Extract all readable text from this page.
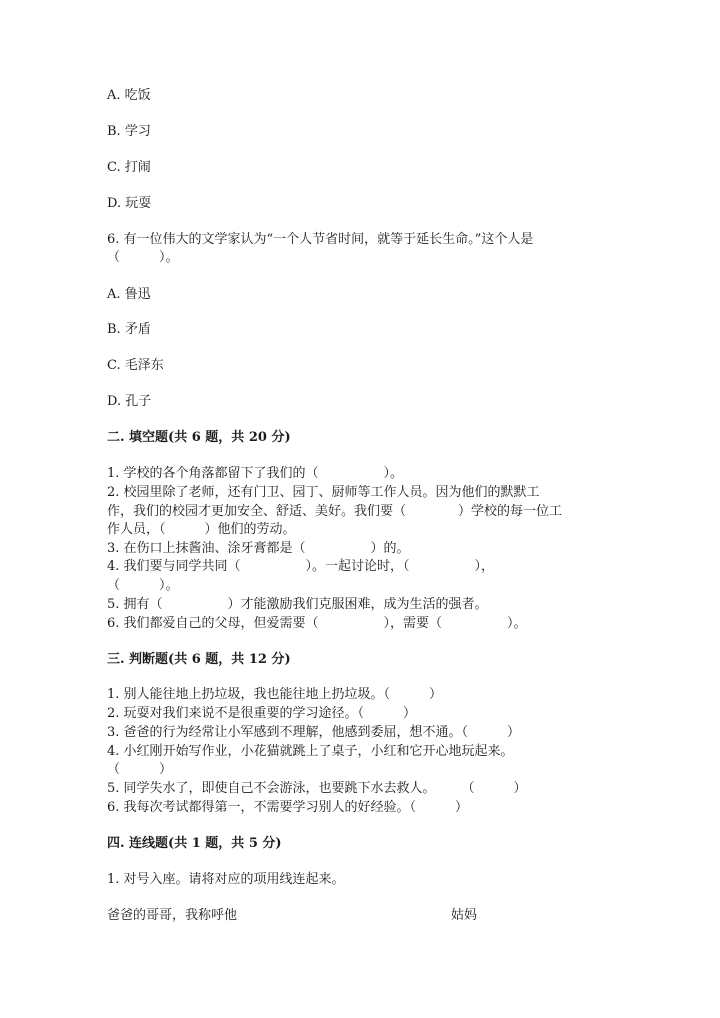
A. 吃饭
B. 学习
C. 打闹
D. 玩耍
6. 有一位伟大的文学家认为“一个人节省时间，就等于延长生命。”这个人是
（　　　）。
A. 鲁迅
B. 矛盾
C. 毛泽东
D. 孔子
二. 填空题(共 6 题，共 20 分)
1. 学校的各个角落都留下了我们的（　　　　　）。
2. 校园里除了老师，还有门卫、园丁、厨师等工作人员。因为他们的默默工
作，我们的校园才更加安全、舒适、美好。我们要（　　　　）学校的每一位工
作人员，（　　　）他们的劳动。
3. 在伤口上抹酱油、涂牙膏都是（　　　　　）的。
4. 我们要与同学共同（　　　　　）。一起讨论时，（　　　　　），
（　　　）。
5. 拥有（　　　　　）才能激励我们克服困难，成为生活的强者。
6. 我们都爱自己的父母，但爱需要（　　　　　），需要（　　　　　）。
三. 判断题(共 6 题，共 12 分)
1. 别人能往地上扔垃圾，我也能往地上扔垃圾。（　　　）
2. 玩耍对我们来说不是很重要的学习途径。（　　　）
3. 爸爸的行为经常让小军感到不理解，他感到委屈，想不通。（　　　）
4. 小红刚开始写作业，小花猫就跳上了桌子，小红和它开心地玩起来。
（　　　）
5. 同学失水了，即使自己不会游泳，也要跳下水去救人。　　　（　　　）
6. 我每次考试都得第一，不需要学习别人的好经验。（　　　）
四. 连线题(共 1 题，共 5 分)
1. 对号入座。请将对应的项用线连起来。
爸爸的哥哥，我称呼他	姑妈
